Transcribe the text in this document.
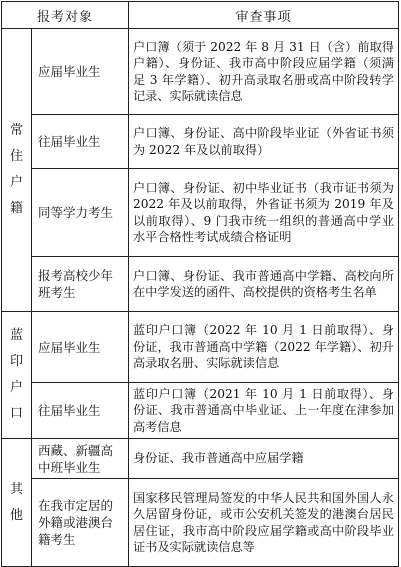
报考对象		审查事项
常住户籍	应届毕业生	户口簿（须于 2022 年 8 月 31 日（含）前取得户籍）、身份证、我市高中阶段应届学籍（须满足 3 年学籍）、初升高录取名册或高中阶段转学记录、实际就读信息
	往届毕业生	户口簿、身份证、高中阶段毕业证（外省证书须为 2022 年及以前取得）
	同等学力考生	户口簿、身份证、初中毕业证书（我市证书须为 2022 年及以前取得，外省证书须为 2019 年及以前取得）、9 门我市统一组织的普通高中学业水平合格性考试成绩合格证明
	报考高校少年班考生	户口簿、身份证、我市普通高中学籍、高校向所在中学发送的函件、高校提供的资格考生名单
蓝印户口	应届毕业生	蓝印户口簿（2022 年 10 月 1 日前取得）、身份证，我市普通高中学籍（2022 年学籍）、初升高录取名册、实际就读信息
	往届毕业生	蓝印户口簿（2021 年 10 月 1 日前取得）、身份证、我市普通高中毕业证、上一年度在津参加高考信息
其他	西藏、新疆高中班毕业生	身份证、我市普通高中应届学籍
	在我市定居的外籍或港澳台籍考生	国家移民管理局签发的中华人民共和国外国人永久居留身份证，或市公安机关签发的港澳台居民居住证，我市高中阶段应届学籍或高中阶段毕业证书及实际就读信息等
